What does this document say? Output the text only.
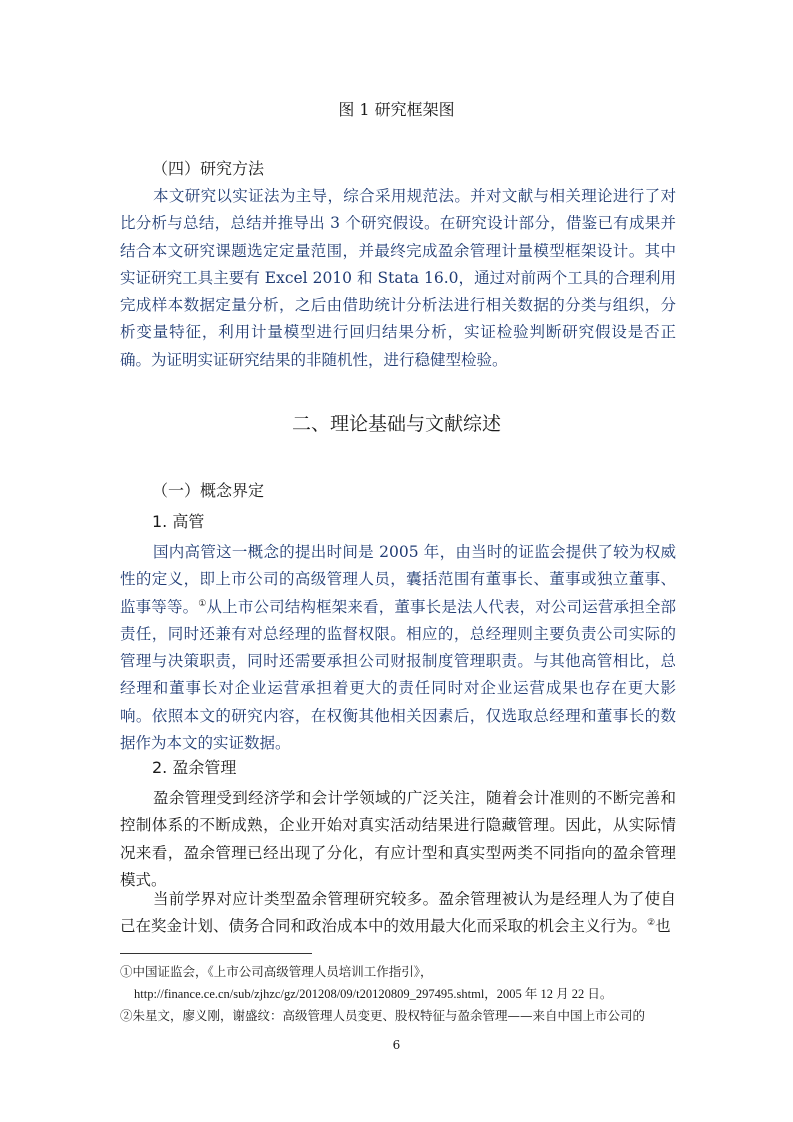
图 1 研究框架图
（四）研究方法

本文研究以实证法为主导，综合采用规范法。并对文献与相关理论进行了对比分析与总结，总结并推导出 3 个研究假设。在研究设计部分，借鉴已有成果并结合本文研究课题选定定量范围，并最终完成盈余管理计量模型框架设计。其中实证研究工具主要有 Excel 2010 和 Stata 16.0，通过对前两个工具的合理利用完成样本数据定量分析，之后由借助统计分析法进行相关数据的分类与组织，分析变量特征，利用计量模型进行回归结果分析，实证检验判断研究假设是否正确。为证明实证研究结果的非随机性，进行稳健型检验。

二、理论基础与文献综述
（一）概念界定
1. 高管

国内高管这一概念的提出时间是 2005 年，由当时的证监会提供了较为权威性的定义，即上市公司的高级管理人员，囊括范围有董事长、董事或独立董事、监事等等。①从上市公司结构框架来看，董事长是法人代表，对公司运营承担全部责任，同时还兼有对总经理的监督权限。相应的，总经理则主要负责公司实际的管理与决策职责，同时还需要承担公司财报制度管理职责。与其他高管相比，总经理和董事长对企业运营承担着更大的责任同时对企业运营成果也存在更大影响。依照本文的研究内容，在权衡其他相关因素后，仅选取总经理和董事长的数据作为本文的实证数据。

2. 盈余管理

盈余管理受到经济学和会计学领域的广泛关注，随着会计准则的不断完善和控制体系的不断成熟，企业开始对真实活动结果进行隐藏管理。因此，从实际情况来看，盈余管理已经出现了分化，有应计型和真实型两类不同指向的盈余管理模式。

当前学界对应计类型盈余管理研究较多。盈余管理被认为是经理人为了使自己在奖金计划、债务合同和政治成本中的效用最大化而采取的机会主义行为。②也

①中国证监会，《上市公司高级管理人员培训工作指引》，

http://finance.ce.cn/sub/zjhzc/gz/201208/09/t20120809_297495.shtml，2005 年 12 月 22 日。

②朱星文，廖义刚，谢盛纹：高级管理人员变更、股权特征与盈余管理——来自中国上市公司的

6
